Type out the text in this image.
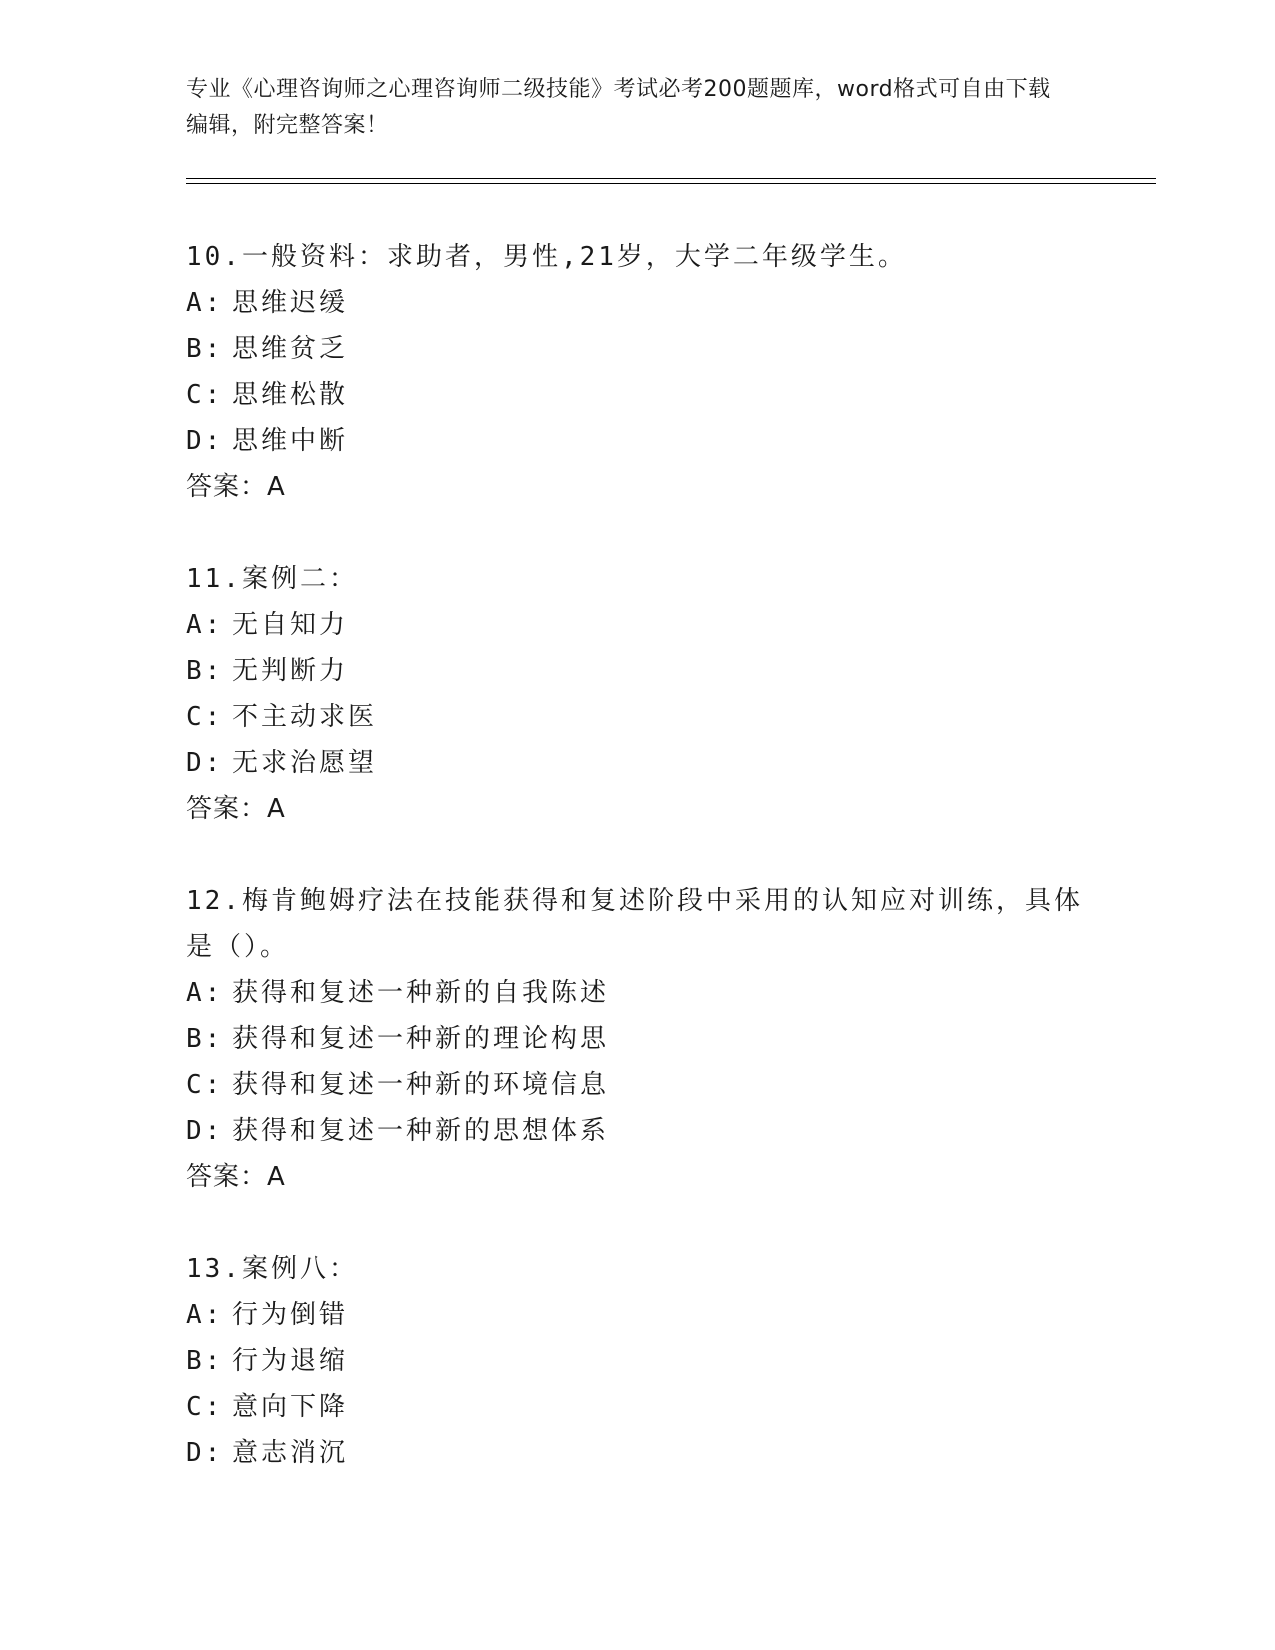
专业《心理咨询师之心理咨询师二级技能》考试必考200题题库，word格式可自由下载编辑，附完整答案！
10.一般资料：求助者，男性,21岁，大学二年级学生。
A: 思维迟缓
B: 思维贫乏
C: 思维松散
D: 思维中断
答案：A
11.案例二：
A: 无自知力
B: 无判断力
C: 不主动求医
D: 无求治愿望
答案：A
12.梅肯鲍姆疗法在技能获得和复述阶段中采用的认知应对训练，具体是（）。
A: 获得和复述一种新的自我陈述
B: 获得和复述一种新的理论构思
C: 获得和复述一种新的环境信息
D: 获得和复述一种新的思想体系
答案：A
13.案例八：
A: 行为倒错
B: 行为退缩
C: 意向下降
D: 意志消沉
